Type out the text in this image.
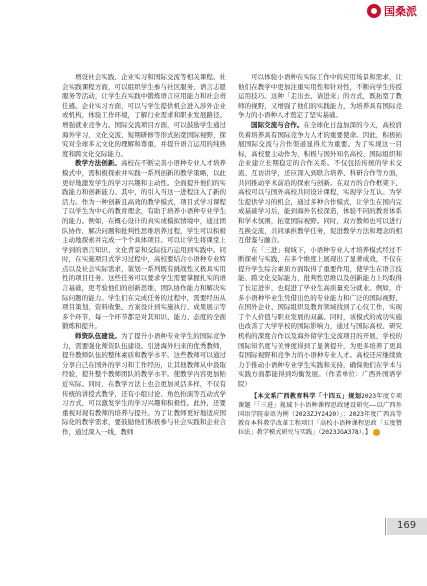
国桑派

增设社会实践、企业实习和国际交流等相关课程。社会实践课程方面，可以组织学生参与社区服务、语言志愿服务等活动，让学生在实践中锻炼语言应用能力和社会责任感。企业实习方面，可以与学生提供机会进入涉外企业或机构，体验工作环境，了解行业需求和职业发展路径。增强就业竞争力。国际交流项目方面，可以鼓励学生通过海外学习、文化交流、短期研修等形式拓宽国际视野，探究对全球多元文化的理解和尊重，并提升语言运用的纯熟度和跨文化交际能力。

教学方法创新。高校在不断完善小语种专业人才培养模式中，需积极探索并实践一系列创新的教学策略，以此更好地激发学生的学习兴趣和主动性。全面提升他们的实践能力和创新能力。其中，的引入当这一进程注入了新的活力。作为一种创新且高效的教学模式，项目式学习课程了以学生为中心的教育理念，有助于培养小语种专业学生的能力。例如，在概心设计的真实或模拟情境中，通过团队协作，解决问题和批判性思维培养过程，学生可以积极主动地探索并完成一个个具体项目。可以让学生将课堂上学到的语言知识、文化背景和交际技巧运用到实践中。同时，在实施项目式学习过程中，高校要结合小语种专业特点以及社会实际需求，策划一系列既有挑战性又极具实用性的项目任务。这些任务可以要求学生需要掌握扎实的语言基础，更考验他们的创新思维、团队协作能力和解决实际问题的能力。学生们在完成任务的过程中，需要经历从项目策划、资料收集、方案设计到实施执行、成果展示等多个环节，每一个环节都是对其知识、能力、态度的全面锻炼和提升。

师资队伍建设。为了提升小语种专业学生的国际竞争力，需要强化师资队伍建设。引进海外归来的优秀教师，提升教师队伍的整体素质和教学水平。这些教师可以通过分享自己在国外的学习和工作经历，让其他教师从中汲取经验，提升整个教师团队的教学水平。使教学内容更加贴近实际。同时，在教学方法上也会更加灵活多样，不仅有传统的讲授式教学，还有小组讨论、角色扮演等互动式学习方式，可以激发学生的学习兴趣和积极性。此外，还要重视对现有教师的培养与提升。为了让教师更好地适应国际化的教学需求，要鼓励他们积极参与社会实践和企业合作，通过深入一线，教师

可以体验小语种在实际工作中的应用场景和需求，让他们在教学中更加注重实用性和针对性，不断向学生传授运用技巧。这种「走出去、请进来」的方式，既拓宽了教师的视野，又增强了他们的实践能力，为培养具有国际竞争力的小语种人才奠定了坚实基础。

国际交流与合作。在全球化日益加深的今天，高校肩负着培养具有国际竞争力人才的重要使命。因此，积极拓展国际交流与合作渠道显得尤为重要。为了实现这一目标，高校要主动作为，积极与国外知名高校、国际组织和企业建立长期稳定的合作关系。不仅包括传统的学术交流、互访讲学，还应深入到联合培养、科研合作等方面，共同推动学术前沿的探索与创新。在双方的合作框架下，高校可以与国外高校共同设计课程，实现学分互认。为学生提供学习的机会，通过多种合作模式，让学生在国内完成基础学习后，能到海外名校深造，体验不同的教育体系和学术氛围，拓宽国际视野。同时，双方教师也可以进行互换交流，共同承担教学任务，促进教学方法和理念的相互借鉴与融合。

在「三进」视域下，小语种专业人才培养模式经过不断探索与实践，在多个维度上展现出了显著成效，不仅在提升学生综合素质方面取得了重要作用，使学生在语言技能、跨文化交际能力、批判性思维以及创新能力上均取得了长足进步，也促进了毕业生高质量充分就业。例如，许多小语种毕业生凭借出色的专业能力和广泛的国际视野，在国外企业、国际组织及教育领域找到了心仪工作，实现了个人价值与职业发展的双赢。同时，该模式的成功实施也改善了大学学校的国际影响力，通过与国际高校、研究机构的深度合作以及海外留学生交流项目的开展，学校的国际知名度与美誉度得到了显著提升，为更多培养了更具有国际视野和竞争力的小语种专业人才。高校还应继续致力于推动小语种专业学生实践和支持，确保他们在学术与实践方面都能得到均衡发展。（作者单位：广西外国语学院）

【本文系广西教育科学「十四五」规划2023年度专项课题「「三进」视域下小语种课程思政建设研究——以广西外国语学院泰语为例（2023ZJY2420）」；2023年度广西高等教育本科教学改革工程项目「高校小语种课程思政「五度赞拉法」教学模式研究与实践」（2023JGA378）。】

169
